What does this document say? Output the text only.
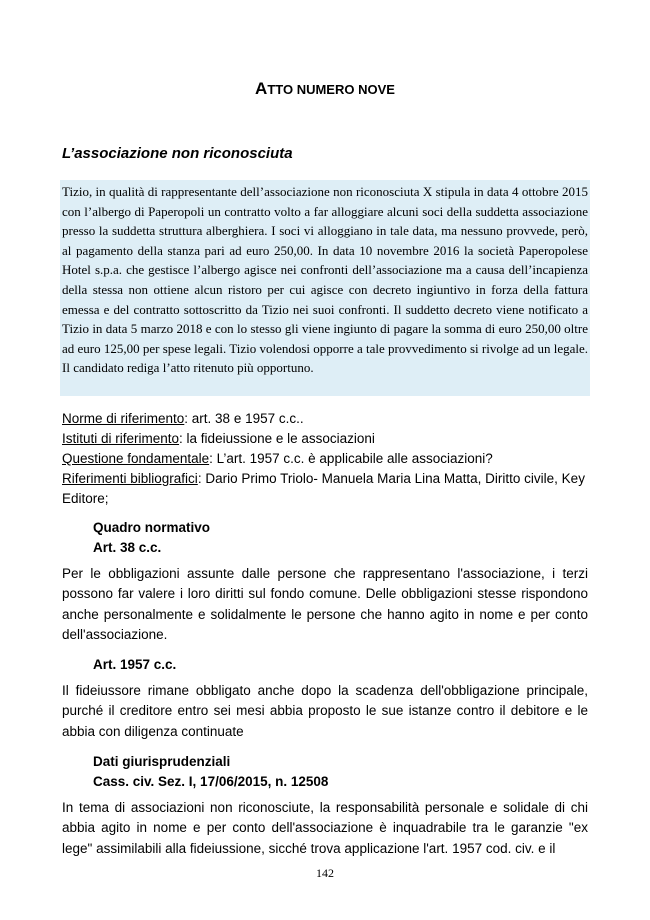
ATTO NUMERO NOVE
L’associazione non riconosciuta
Tizio, in qualità di rappresentante dell’associazione non riconosciuta X stipula in data 4 ottobre 2015 con l’albergo di Paperopoli un contratto volto a far alloggiare alcuni soci della suddetta associazione presso la suddetta struttura alberghiera. I soci vi alloggiano in tale data, ma nessuno provvede, però, al pagamento della stanza pari ad euro 250,00. In data 10 novembre 2016 la società Paperopolese Hotel s.p.a. che gestisce l’albergo agisce nei confronti dell’associazione ma a causa dell’incapienza della stessa non ottiene alcun ristoro per cui agisce con decreto ingiuntivo in forza della fattura emessa e del contratto sottoscritto da Tizio nei suoi confronti. Il suddetto decreto viene notificato a Tizio in data 5 marzo 2018 e con lo stesso gli viene ingiunto di pagare la somma di euro 250,00 oltre ad euro 125,00 per spese legali. Tizio volendosi opporre a tale provvedimento si rivolge ad un legale. Il candidato rediga l’atto ritenuto più opportuno.
Norme di riferimento: art. 38 e 1957 c.c..
Istituti di riferimento: la fideiussione e le associazioni
Questione fondamentale: L’art. 1957 c.c. è applicabile alle associazioni?
Riferimenti bibliografici: Dario Primo Triolo- Manuela Maria Lina Matta, Diritto civile, Key Editore;
Quadro normativo
Art. 38 c.c.
Per le obbligazioni assunte dalle persone che rappresentano l'associazione, i terzi possono far valere i loro diritti sul fondo comune. Delle obbligazioni stesse rispondono anche personalmente e solidalmente le persone che hanno agito in nome e per conto dell'associazione.
Art. 1957 c.c.
Il fideiussore rimane obbligato anche dopo la scadenza dell'obbligazione principale, purché il creditore entro sei mesi abbia proposto le sue istanze contro il debitore e le abbia con diligenza continuate
Dati giurisprudenziali
Cass. civ. Sez. I, 17/06/2015, n. 12508
In tema di associazioni non riconosciute, la responsabilità personale e solidale di chi abbia agito in nome e per conto dell'associazione è inquadrabile tra le garanzie "ex lege" assimilabili alla fideiussione, sicché trova applicazione l'art. 1957 cod. civ. e il
142
